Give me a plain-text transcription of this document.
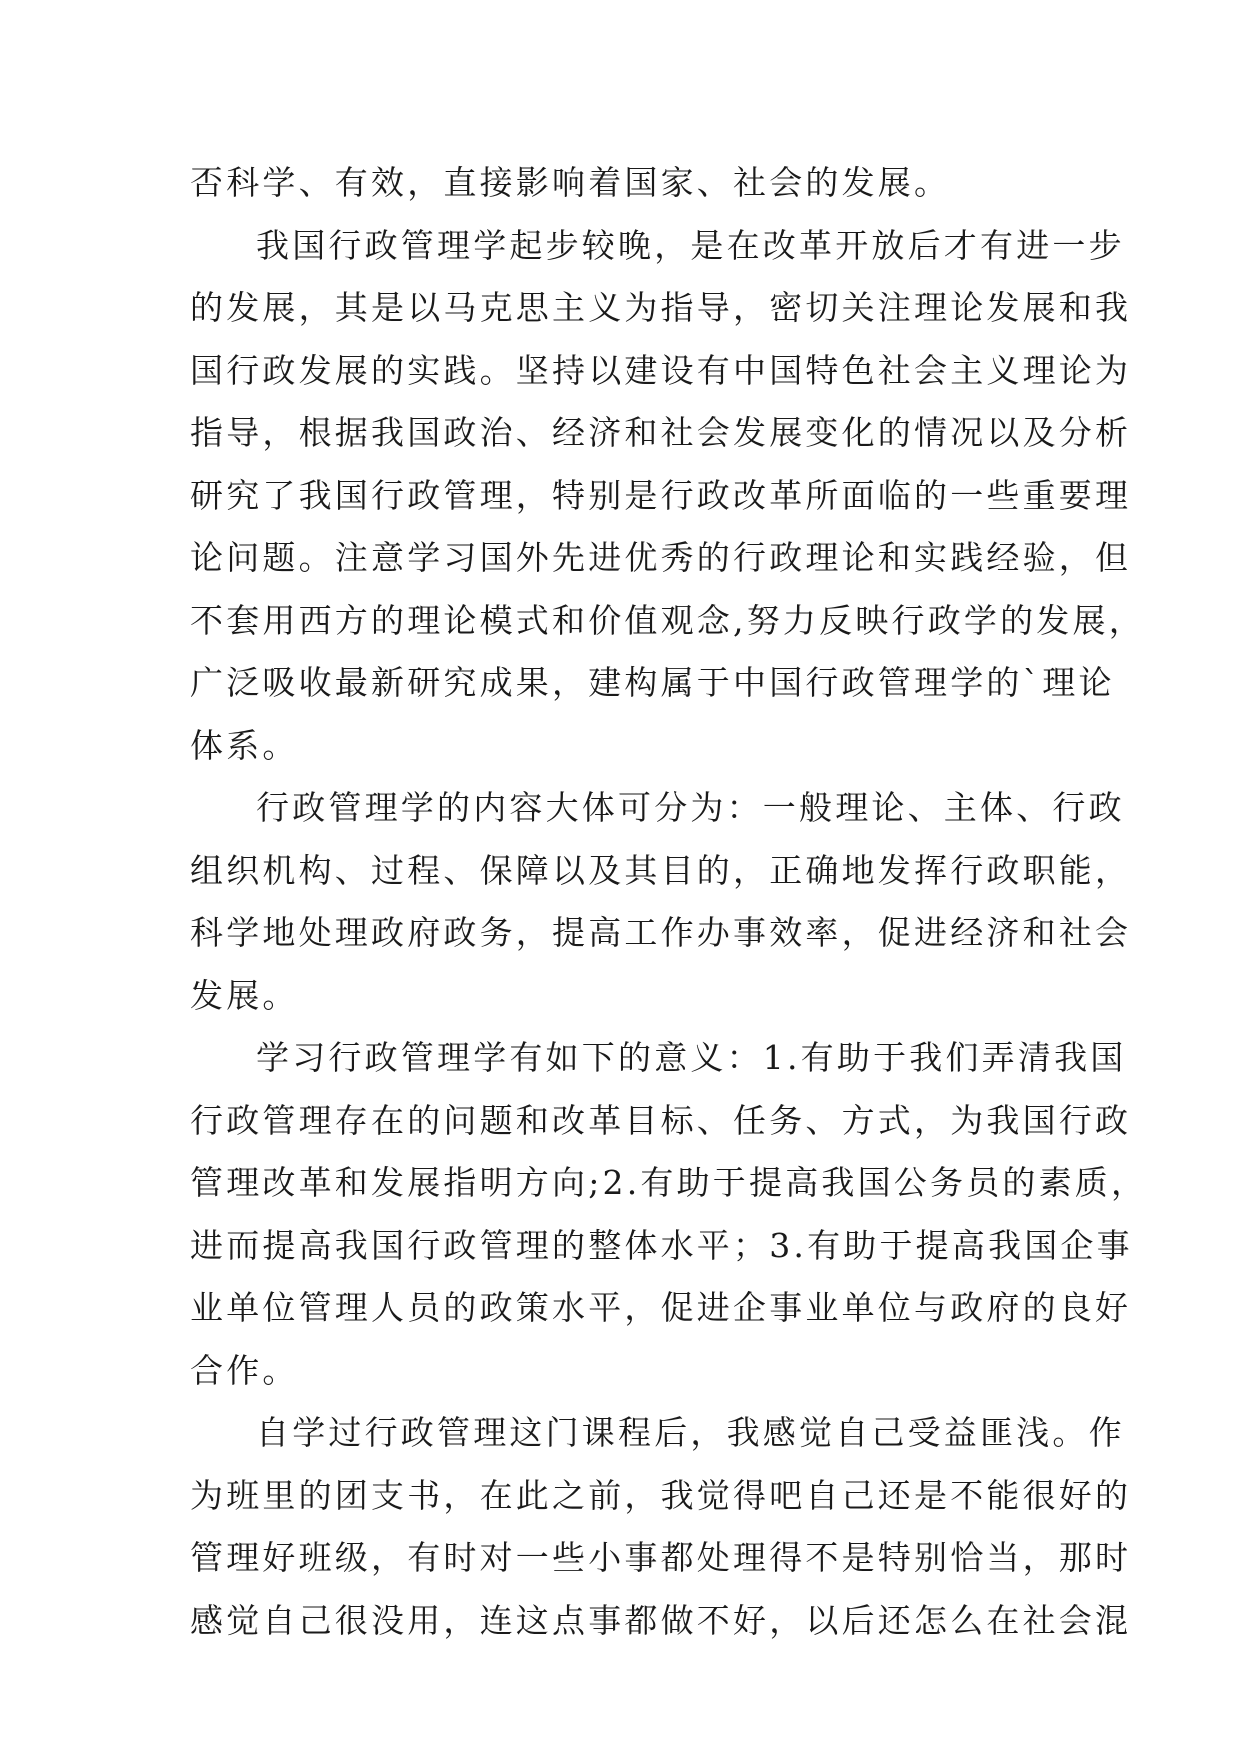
否科学、有效，直接影响着国家、社会的发展。
我国行政管理学起步较晚，是在改革开放后才有进一步
的发展，其是以马克思主义为指导，密切关注理论发展和我
国行政发展的实践。坚持以建设有中国特色社会主义理论为
指导，根据我国政治、经济和社会发展变化的情况以及分析
研究了我国行政管理，特别是行政改革所面临的一些重要理
论问题。注意学习国外先进优秀的行政理论和实践经验，但
不套用西方的理论模式和价值观念,努力反映行政学的发展，
广泛吸收最新研究成果，建构属于中国行政管理学的`理论
体系。
行政管理学的内容大体可分为：一般理论、主体、行政
组织机构、过程、保障以及其目的，正确地发挥行政职能，
科学地处理政府政务，提高工作办事效率，促进经济和社会
发展。
学习行政管理学有如下的意义：1.有助于我们弄清我国
行政管理存在的问题和改革目标、任务、方式，为我国行政
管理改革和发展指明方向;2.有助于提高我国公务员的素质，
进而提高我国行政管理的整体水平；3.有助于提高我国企事
业单位管理人员的政策水平，促进企事业单位与政府的良好
合作。
自学过行政管理这门课程后，我感觉自己受益匪浅。作
为班里的团支书，在此之前，我觉得吧自己还是不能很好的
管理好班级，有时对一些小事都处理得不是特别恰当，那时
感觉自己很没用，连这点事都做不好，以后还怎么在社会混
